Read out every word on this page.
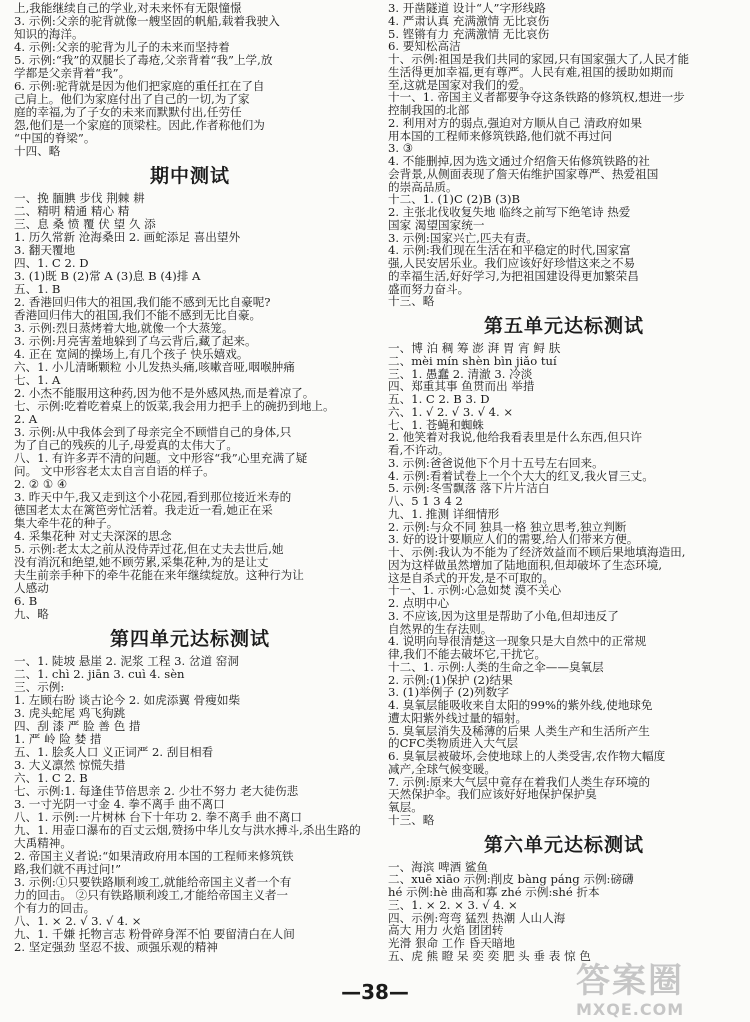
上,我能继续自己的学业,对未来怀有无限憧憬
3. 示例:父亲的驼背就像一艘坚固的帆船,载着我驶入
知识的海洋。
4. 示例:父亲的驼背为儿子的未来而坚持着
5. 示例:“我”的双腿长了毒疮,父亲背着“我”上学,放
学都是父亲背着“我”。
6. 示例:驼背就是因为他们把家庭的重任扛在了自
己肩上。他们为家庭付出了自己的一切,为了家
庭的幸福,为了子女的未来而默默付出,任劳任
怨,他们是一个家庭的顶梁柱。因此,作者称他们为
“中国的脊梁”。
十四、略
期中测试
一、挽 腼腆 步伐 荆棘 耕
二、精明 精通 精心 精
三、息 桑 愤 覆 伏 望 久 添
1. 历久常新 沧海桑田 2. 画蛇添足 喜出望外
3. 翻天覆地
四、1. C 2. D
3. (1)既 B (2)常 A (3)息 B (4)排 A
五、1. B
2. 香港回归伟大的祖国,我们能不感到无比自豪呢?
香港回归伟大的祖国,我们不能不感到无比自豪。
3. 示例:烈日蒸烤着大地,就像一个大蒸笼。
3. 示例:月亮害羞地躲到了乌云背后,藏了起来。
4. 正在 宽阔的操场上,有几个孩子 快乐嬉戏。
六、1. 小儿清晰颗粒 小儿发热头痛,咳嗽音哑,咽喉肿痛
七、1. A
2. 小杰不能服用这种药,因为他不是外感风热,而是着凉了。
七、示例:吃着吃着桌上的饭菜,我会用力把手上的碗扔到地上。
2. A
3. 示例:从中我体会到了母亲完全不顾惜自己的身体,只
为了自己的残疾的儿子,母爱真的太伟大了。
八、1. 有许多弄不清的问题。文中形容“我”心里充满了疑
问。 文中形容老太太自言自语的样子。
2. ② ① ④
3. 昨天中午,我又走到这个小花园,看到那位接近米寿的
德国老太太在篱笆旁忙活着。我走近一看,她正在采
集大牵牛花的种子。
4. 采集花种 对丈夫深深的思念
5. 示例:老太太之前从没侍弄过花,但在丈夫去世后,她
没有消沉和绝望,她不顾劳累,采集花种,为的是让丈
夫生前亲手种下的牵牛花能在来年继续绽放。这种行为让
人感动
6. B
九、略
第四单元达标测试
一、1. 陡坡 悬崖 2. 泥浆 工程 3. 岔道 窑洞
二、1. chì 2. jiān 3. cuì 4. sèn
三、示例:
1. 左顾右盼 谈古论今 2. 如虎添翼 骨瘦如柴
3. 虎头蛇尾 鸡飞狗跳
四、刮 漆 严 脸 善 色 措
1. 严 岭 险 婪 措
五、1. 脍炙人口 义正词严 2. 刮目相看
3. 大义凛然 惊慌失措
六、1. C 2. B
七、示例:1. 每逢佳节倍思亲 2. 少壮不努力 老大徒伤悲
3. 一寸光阴一寸金 4. 拳不离手 曲不离口
八、1. 示例:一片树林 台下十年功 2. 拳不离手 曲不离口
九、1. 用壶口瀑布的百丈云烟,赞扬中华儿女与洪水搏斗,杀出生路的
大禹精神。
2. 帝国主义者说:“如果清政府用本国的工程师来修筑铁
路,我们就不再过问!”
3. 示例:①只要铁路顺利竣工,就能给帝国主义者一个有
力的回击。 ②只有铁路顺利竣工,才能给帝国主义者一
个有力的回击。
八、1. × 2. √ 3. √ 4. ×
九、1. 千嫌 托物言志 粉骨碎身浑不怕 要留清白在人间
2. 坚定强劲 坚忍不拔、顽强乐观的精神
3. 开凿隧道 设计“人”字形线路
4. 严肃认真 充满激情 无比哀伤
5. 铿锵有力 充满激情 无比哀伤
6. 要知松高洁
十、示例:祖国是我们共同的家园,只有国家强大了,人民才能
生活得更加幸福,更有尊严。人民有难,祖国的援助如期而
至,这就是国家对我们的爱。
十一、1. 帝国主义者都要争夺这条铁路的修筑权,想进一步
控制我国的北部
2. 利用对方的弱点,强迫对方顺从自己 清政府如果
用本国的工程师来修筑铁路,他们就不再过问
3. ③
4. 不能删掉,因为选文通过介绍詹天佑修筑铁路的社
会背景,从侧面表现了詹天佑维护国家尊严、热爱祖国
的崇高品质。
十二、1. (1)C (2)B (3)B
2. 主张北伐收复失地 临终之前写下绝笔诗 热爱
国家 渴望国家统一
3. 示例:国家兴亡,匹夫有责。
4. 示例:我们现在生活在和平稳定的时代,国家富
强,人民安居乐业。我们应该好好珍惜这来之不易
的幸福生活,好好学习,为把祖国建设得更加繁荣昌
盛而努力奋斗。
十三、略
第五单元达标测试
一、博 泊 稠 筹 澎 湃 胃 宵 鲟 肤
二、mèi mín shèn bìn jiǎo tuí
三、1. 愚蠢 2. 清澈 3. 冷淡
四、郑重其事 鱼贯而出 举措
五、1. C 2. B 3. D
六、1. √ 2. √ 3. √ 4. ×
七、1. 苍蝇和蜘蛛
2. 他笑着对我说,他给我看表里是什么东西,但只许
看,不许动。
3. 示例:爸爸说他下个月十五号左右回来。
4. 示例:看着试卷上一个个大大的红叉,我火冒三丈。
5. 示例:冬雪飘落 落下片片洁白
八、5 1 3 4 2
九、1. 推测 详细情形
2. 示例:与众不同 独具一格 独立思考,独立判断
3. 好的设计要顺应人们的需要,给人们带来方便。
十、示例:我认为不能为了经济效益而不顾后果地填海造田,
因为这样做虽然增加了陆地面积,但却破坏了生态环境,
这是自杀式的开发,是不可取的。
十一、1. 示例:心急如焚 漠不关心
2. 点明中心
3. 不应该,因为这里是帮助了小龟,但却违反了
自然界的生存法则。
4. 说明向导很清楚这一现象只是大自然中的正常规
律,我们不能去破坏它,干扰它。
十二、1. 示例:人类的生命之伞——臭氧层
2. 示例:(1)保护 (2)结果
3. (1)举例子 (2)列数字
4. 臭氧层能吸收来自太阳的99%的紫外线,使地球免
遭太阳紫外线过量的辐射。
5. 臭氧层消失及稀薄的后果 人类生产和生活所产生
的CFC类物质进入大气层
6. 臭氧层被破坏,会使地球上的人类受害,农作物大幅度
减产,全球气候变暖。
7. 示例:原来大气层中竟存在着我们人类生存环境的
天然保护伞。我们应该好好地保护保护臭
氧层。
十三、略
第六单元达标测试
一、海滨 啤酒 鲨鱼
二、xuē xiāo 示例:削皮 bàng páng 示例:磅礴
hé 示例:hè 曲高和寡 zhé 示例:shé 折本
三、1. × 2. × 3. √ 4. ×
四、示例:弯弯 猛烈 热潮 人山人海
高大 用力 火焰 团团转
光滑 狠命 工作 昏天暗地
五、虎 熊 瞪 呆 奕 奕 肥 头 垂 表 惊 色
—38—	答案圈
MXQE.COM
